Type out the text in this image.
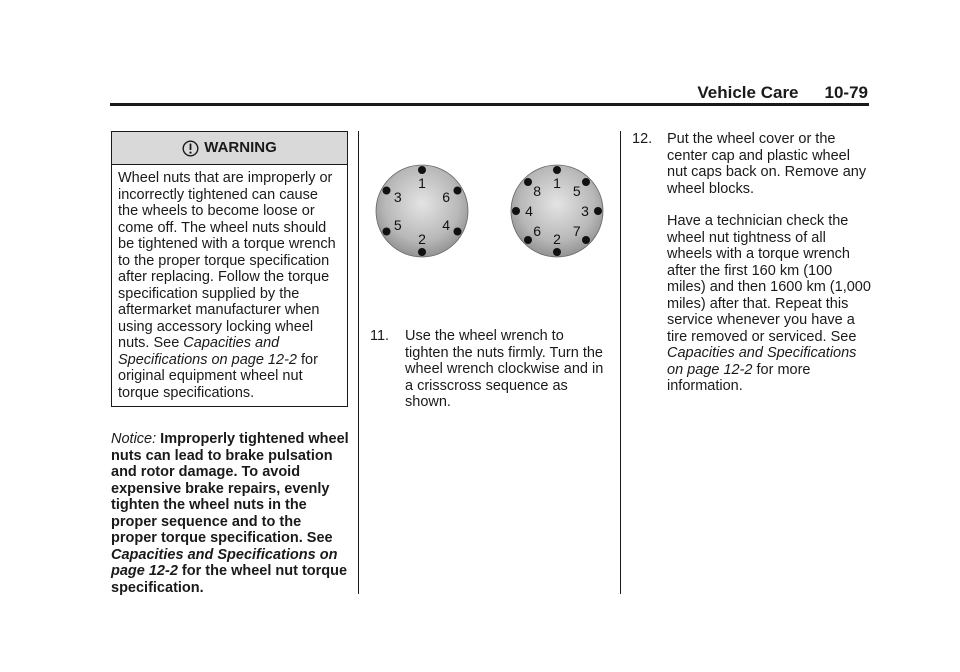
Vehicle Care 10-79
WARNING

Wheel nuts that are improperly or incorrectly tightened can cause the wheels to become loose or come off. The wheel nuts should be tightened with a torque wrench to the proper torque specification after replacing. Follow the torque specification supplied by the aftermarket manufacturer when using accessory locking wheel nuts. See Capacities and Specifications on page 12-2 for original equipment wheel nut torque specifications.

Notice: Improperly tightened wheel nuts can lead to brake pulsation and rotor damage. To avoid expensive brake repairs, evenly tighten the wheel nuts in the proper sequence and to the proper torque specification. See Capacities and Specifications on page 12-2 for the wheel nut torque specification.

1
2
3
4
5
6
1
2
3
4
5
6 7
8
11.	Use the wheel wrench to tighten the nuts firmly. Turn the wheel wrench clockwise and in a crisscross sequence as shown.
12.	Put the wheel cover or the center cap and plastic wheel nut caps back on. Remove any wheel blocks.

Have a technician check the wheel nut tightness of all wheels with a torque wrench after the first 160 km (100 miles) and then 1600 km (1,000 miles) after that. Repeat this service whenever you have a tire removed or serviced. See Capacities and Specifications on page 12-2 for more information.
